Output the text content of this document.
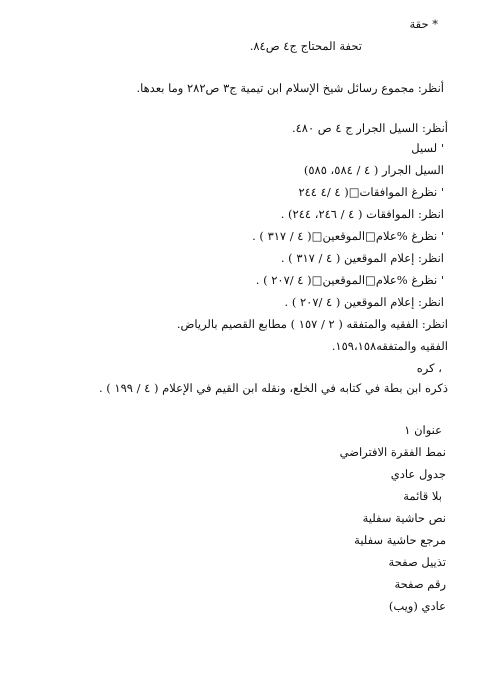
* حقة
تحفة المحتاج ج٤ ص٨٤.
أنظر: مجموع رسائل شيخ الإسلام ابن تيمية ج٣ ص٢٨٢ وما بعدها.
أنظر: السيل الجرار ج ٤ ص ٤٨٠.
' لسيل
السيل الجرار ( ٤ / ٥٨٤، ٥٨٥)
' نظرغ الموافقات□( ٤ /٤ ٢٤٤
انظر: الموافقات ( ٤ / ٢٤٦، ٢٤٤) .
' نظرغ %علام□الموقعين□( ٤ / ٣١٧ ) .
انظر: إعلام الموقعين ( ٤ / ٣١٧ ) .
' نظرغ %علام□الموقعين□( ٤ /٢٠٧ ) .
انظر: إعلام الموقعين ( ٤ /٢٠٧ ) .
انظر: الفقيه والمتفقه ( ٢ / ١٥٧ ) مطابع القصيم بالرياض.
الفقيه والمتفقه١٥٩،١٥٨.
، كره
ذكره ابن بطة في كتابه في الخلع، ونقله ابن القيم في الإعلام ( ٤ / ١٩٩ ) .
عنوان ١
نمط الفقرة الافتراضي
جدول عادي
بلا قائمة
نص حاشية سفلية
مرجع حاشية سفلية
تذييل صفحة
رقم صفحة
عادي (ويب)
